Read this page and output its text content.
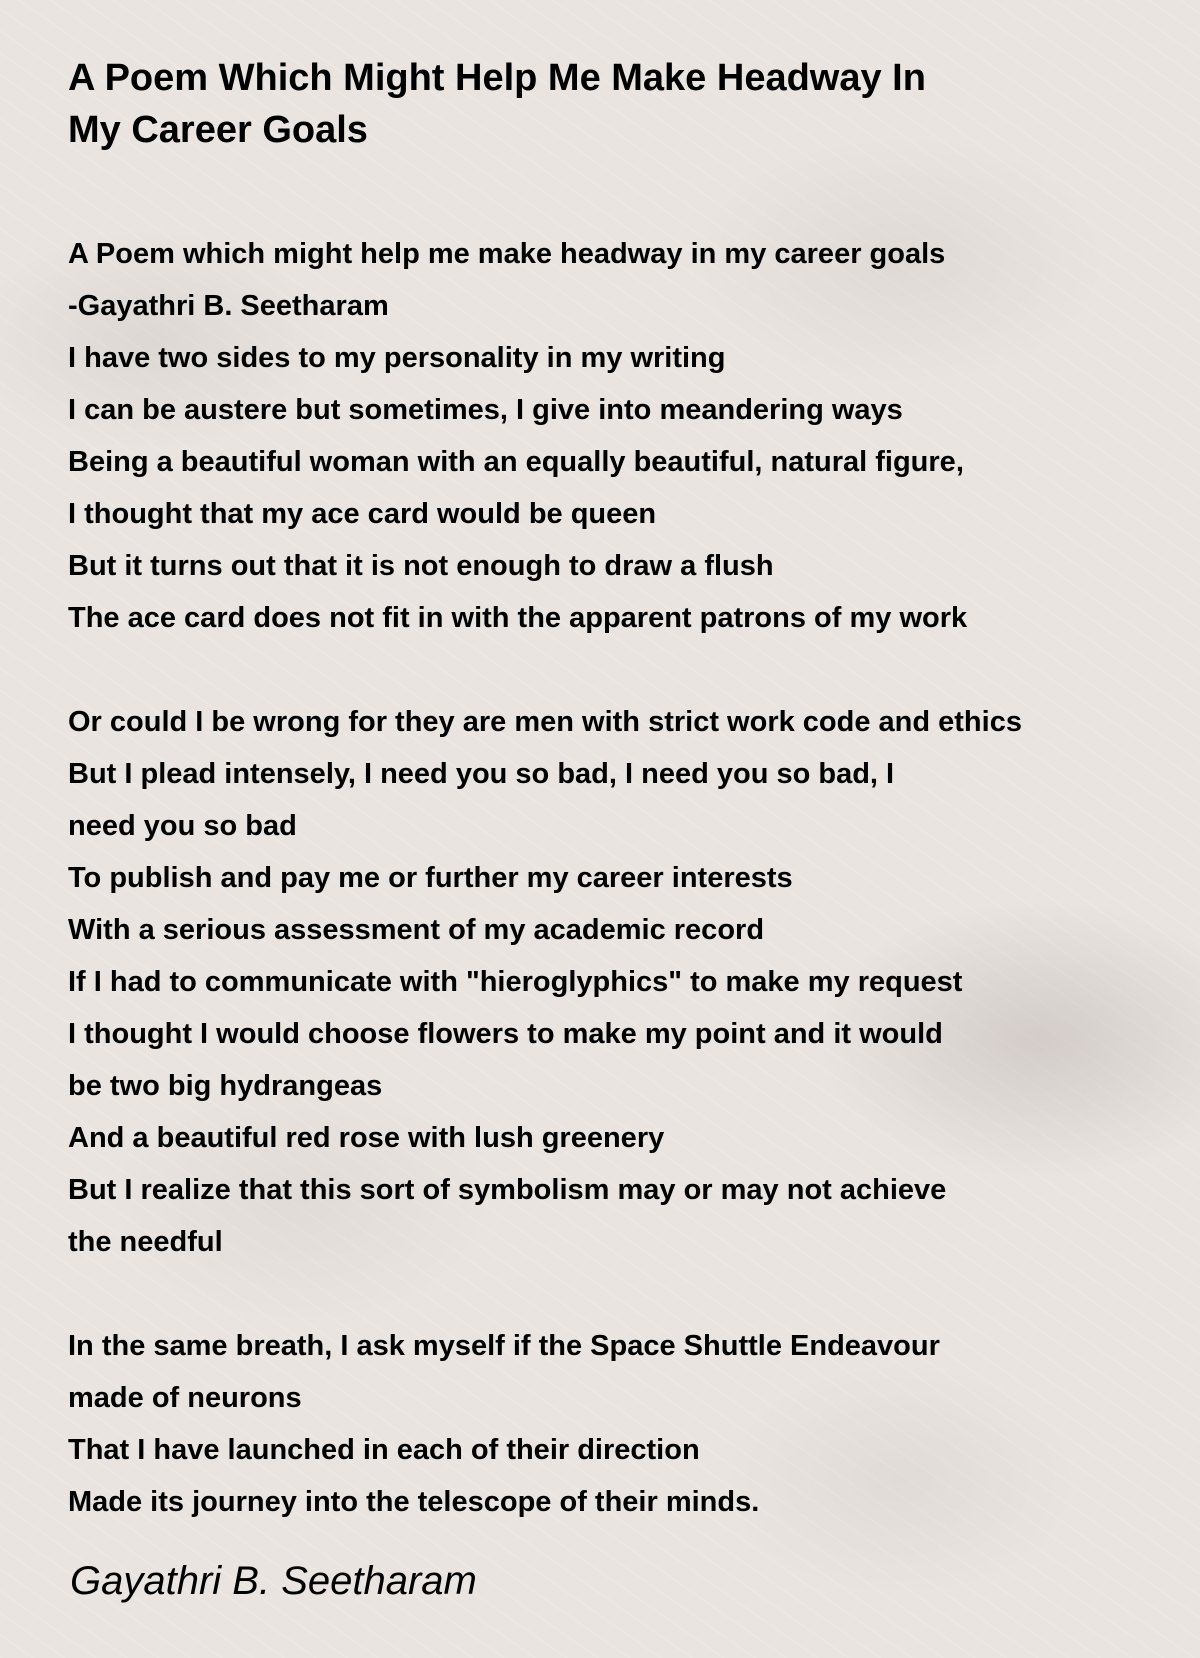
A Poem Which Might Help Me Make Headway In
My Career Goals
A Poem which might help me make headway in my career goals
-Gayathri B. Seetharam
I have two sides to my personality in my writing
I can be austere but sometimes, I give into meandering ways
Being a beautiful woman with an equally beautiful, natural figure,
I thought that my ace card would be queen
But it turns out that it is not enough to draw a flush
The ace card does not fit in with the apparent patrons of my work
Or could I be wrong for they are men with strict work code and ethics
But I plead intensely, I need you so bad, I need you so bad, I
need you so bad
To publish and pay me or further my career interests
With a serious assessment of my academic record
If I had to communicate with "hieroglyphics" to make my request
I thought I would choose flowers to make my point and it would
be two big hydrangeas
And a beautiful red rose with lush greenery
But I realize that this sort of symbolism may or may not achieve
the needful
In the same breath, I ask myself if the Space Shuttle Endeavour
made of neurons
That I have launched in each of their direction
Made its journey into the telescope of their minds.
Gayathri B. Seetharam
